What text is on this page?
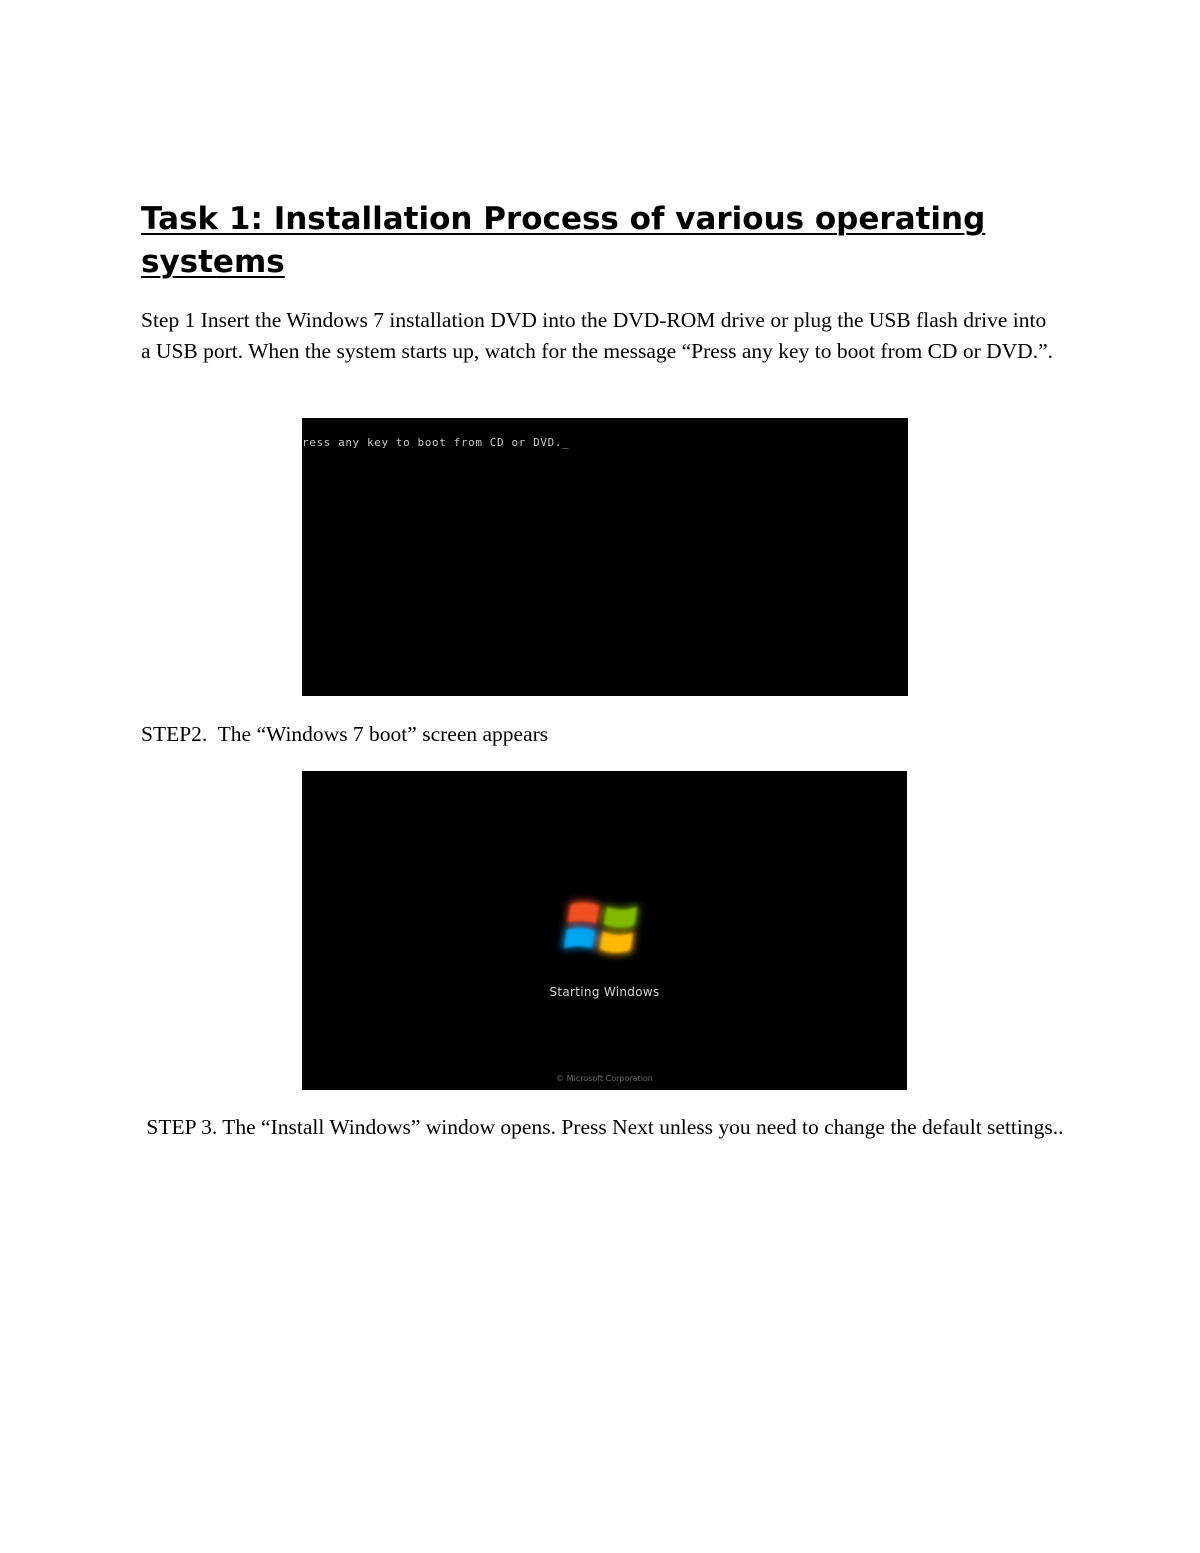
Task 1: Installation Process of various operating systems

Step 1 Insert the Windows 7 installation DVD into the DVD-ROM drive or plug the USB flash drive into a USB port. When the system starts up, watch for the message “Press any key to boot from CD or DVD.”.

ress any key to boot from CD or DVD._

STEP2.  The “Windows 7 boot” screen appears

Starting Windows
© Microsoft Corporation

STEP 3. The “Install Windows” window opens. Press Next unless you need to change the default settings..
